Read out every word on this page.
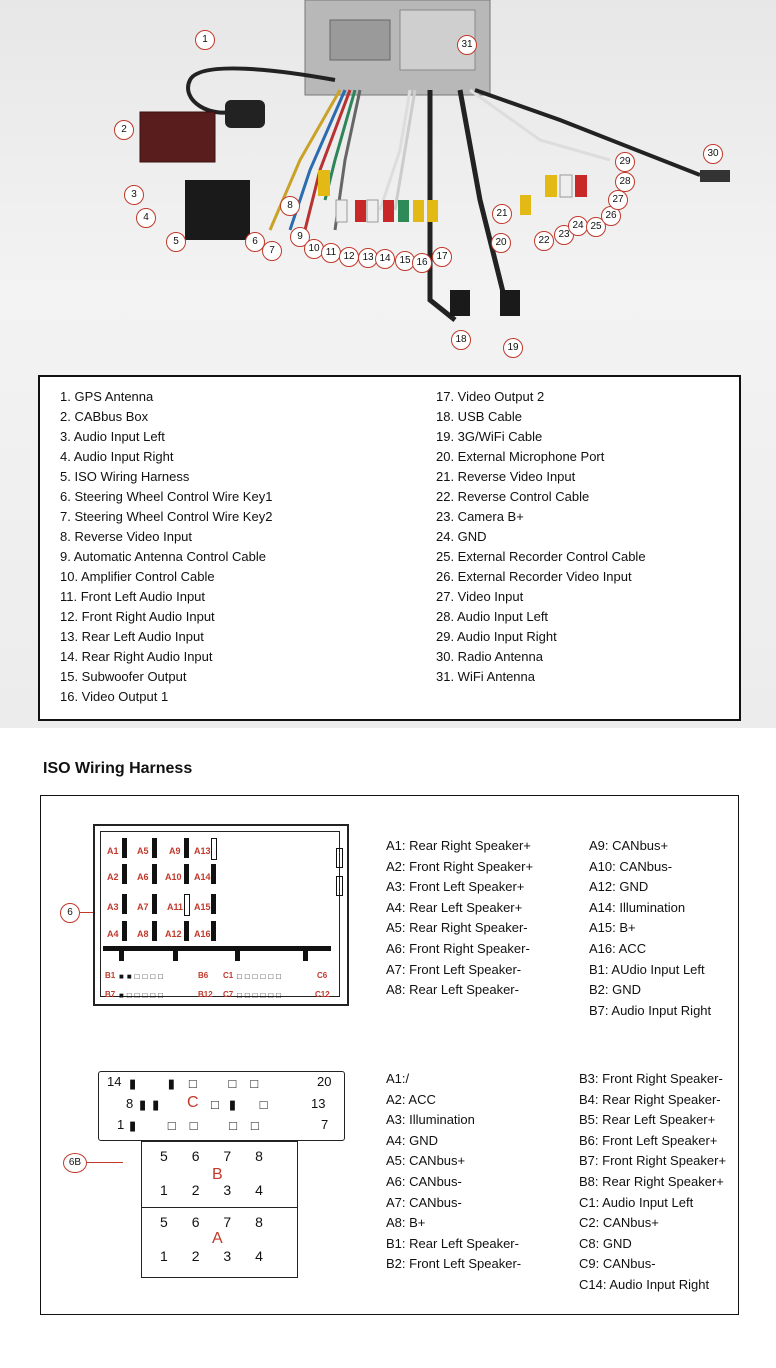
1
2
3
4
5	6
7
8
9
10 11 12 13 14 15 16
17
18
19
20
21
22
23
24 25
26
27
28
29
30
31
1. GPS Antenna
2. CABbus Box
3. Audio Input Left
4. Audio Input Right
5. ISO Wiring Harness
6. Steering Wheel Control Wire Key1
7. Steering Wheel Control Wire Key2
8. Reverse Video Input
9. Automatic Antenna Control Cable
10. Amplifier Control Cable
11. Front Left Audio Input
12. Front Right Audio Input
13. Rear Left Audio Input
14. Rear Right Audio Input
15. Subwoofer Output
16. Video Output 1
17. Video Output 2
18. USB Cable
19. 3G/WiFi Cable
20. External Microphone Port
21. Reverse Video Input
22. Reverse Control Cable
23. Camera B+
24. GND
25. External Recorder Control Cable
26. External Recorder Video Input
27. Video Input
28. Audio Input Left
29. Audio Input Right
30. Radio Antenna
31. WiFi Antenna
ISO Wiring Harness
6
A1 A5 A9 A13
A2 A6 A10 A14
A3 A7 A11 A15
A4 A8 A12 A16
B1 ■■□□□□	B6 C1 □□□□□□	C6
B7 ■□□□□□	B12 C7 □□□□□□	C12
A1: Rear Right Speaker+
A2: Front Right Speaker+
A3: Front Left Speaker+
A4: Rear Left Speaker+
A5: Rear Right Speaker-
A6: Front Right Speaker-
A7: Front Left Speaker-
A8: Rear Left Speaker-
A9: CANbus+
A10: CANbus-
A12: GND
A14: Illumination
A15: B+
A16: ACC
B1: AUdio Input Left
B2: GND
B7: Audio Input Right
14 ▮ ▮□ □□	20
8	C
▮▮	□▮ □	13
1 ▮ □□ □□	7
6B	5 6 7 8
B
1 2 3 4
5 6 7 8
A
1 2 3 4
A1:/
A2: ACC
A3: Illumination
A4: GND
A5: CANbus+
A6: CANbus-
A7: CANbus-
A8: B+
B1: Rear Left Speaker-
B2: Front Left Speaker-
B3: Front Right Speaker-
B4: Rear Right Speaker-
B5: Rear Left Speaker+
B6: Front Left Speaker+
B7: Front Right Speaker+
B8: Rear Right Speaker+
C1: Audio Input Left
C2: CANbus+
C8: GND
C9: CANbus-
C14: Audio Input Right
